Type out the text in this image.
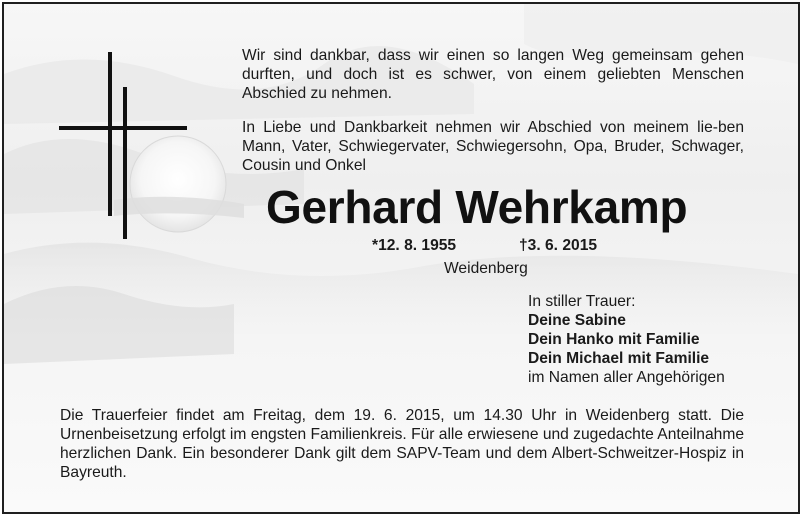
Wir sind dankbar, dass wir einen so langen Weg gemeinsam gehen durften, und doch ist es schwer, von einem geliebten Menschen Abschied zu nehmen.

In Liebe und Dankbarkeit nehmen wir Abschied von meinem lie-ben Mann, Vater, Schwiegervater, Schwiegersohn, Opa, Bruder, Schwager, Cousin und Onkel

Gerhard Wehrkamp
*12. 8. 1955	†3. 6. 2015
Weidenberg
In stiller Trauer:
Deine Sabine
Dein Hanko mit Familie
Dein Michael mit Familie
im Namen aller Angehörigen

Die Trauerfeier findet am Freitag, dem 19. 6. 2015, um 14.30 Uhr in Weidenberg statt. Die Urnenbeisetzung erfolgt im engsten Familienkreis. Für alle erwiesene und zugedachte Anteilnahme herzlichen Dank. Ein besonderer Dank gilt dem SAPV-Team und dem Albert-Schweitzer-Hospiz in Bayreuth.
